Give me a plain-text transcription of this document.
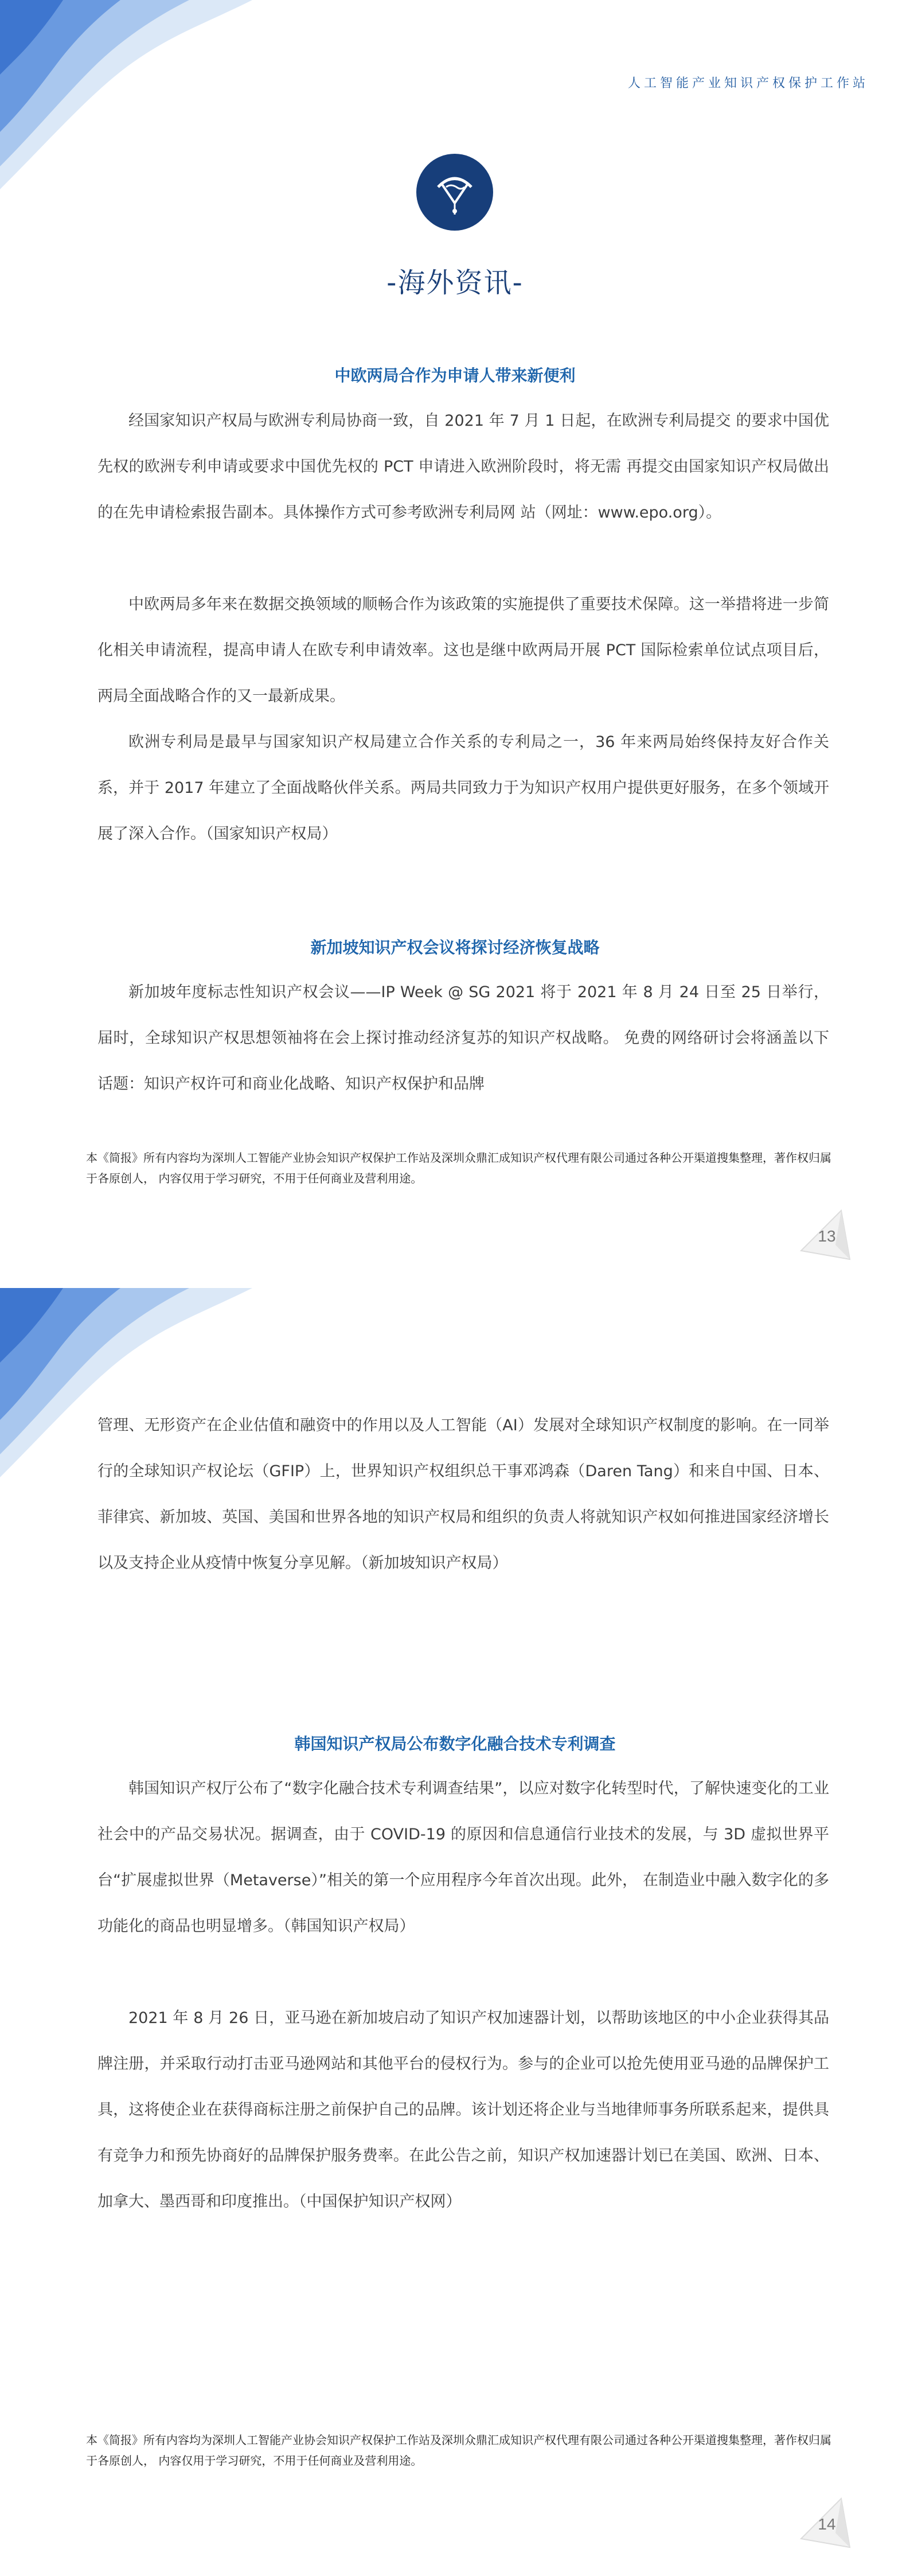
人工智能产业知识产权保护工作站
-海外资讯-
中欧两局合作为申请人带来新便利

经国家知识产权局与欧洲专利局协商一致，自 2021 年 7 月 1 日起，在欧洲专利局提交 的要求中国优先权的欧洲专利申请或要求中国优先权的 PCT 申请进入欧洲阶段时，将无需 再提交由国家知识产权局做出的在先申请检索报告副本。具体操作方式可参考欧洲专利局网 站（网址：www.epo.org）。

中欧两局多年来在数据交换领域的顺畅合作为该政策的实施提供了重要技术保障。这一举措将进一步简化相关申请流程，提高申请人在欧专利申请效率。这也是继中欧两局开展 PCT 国际检索单位试点项目后，两局全面战略合作的又一最新成果。

欧洲专利局是最早与国家知识产权局建立合作关系的专利局之一，36 年来两局始终保持友好合作关系，并于 2017 年建立了全面战略伙伴关系。两局共同致力于为知识产权用户提供更好服务，在多个领域开展了深入合作。（国家知识产权局）

新加坡知识产权会议将探讨经济恢复战略

新加坡年度标志性知识产权会议——IP Week @ SG 2021 将于 2021 年 8 月 24 日至 25 日举行，届时，全球知识产权思想领袖将在会上探讨推动经济复苏的知识产权战略。 免费的网络研讨会将涵盖以下话题：知识产权许可和商业化战略、知识产权保护和品牌

本《简报》所有内容均为深圳人工智能产业协会知识产权保护工作站及深圳众鼎汇成知识产权代理有限公司通过各种公开渠道搜集整理，著作权归属于各原创人， 内容仅用于学习研究，不用于任何商业及营利用途。

13

管理、无形资产在企业估值和融资中的作用以及人工智能（AI）发展对全球知识产权制度的影响。在一同举行的全球知识产权论坛（GFIP）上，世界知识产权组织总干事邓鸿森（Daren Tang）和来自中国、日本、菲律宾、新加坡、英国、美国和世界各地的知识产权局和组织的负责人将就知识产权如何推进国家经济增长以及支持企业从疫情中恢复分享见解。（新加坡知识产权局）

韩国知识产权局公布数字化融合技术专利调查

韩国知识产权厅公布了“数字化融合技术专利调查结果”，以应对数字化转型时代，了解快速变化的工业社会中的产品交易状况。据调查，由于 COVID-19 的原因和信息通信行业技术的发展，与 3D 虚拟世界平台“扩展虚拟世界（Metaverse）”相关的第一个应用程序今年首次出现。此外， 在制造业中融入数字化的多功能化的商品也明显增多。（韩国知识产权局）

2021 年 8 月 26 日，亚马逊在新加坡启动了知识产权加速器计划，以帮助该地区的中小企业获得其品牌注册，并采取行动打击亚马逊网站和其他平台的侵权行为。参与的企业可以抢先使用亚马逊的品牌保护工具，这将使企业在获得商标注册之前保护自己的品牌。该计划还将企业与当地律师事务所联系起来，提供具有竞争力和预先协商好的品牌保护服务费率。在此公告之前，知识产权加速器计划已在美国、欧洲、日本、加拿大、墨西哥和印度推出。（中国保护知识产权网）

本《简报》所有内容均为深圳人工智能产业协会知识产权保护工作站及深圳众鼎汇成知识产权代理有限公司通过各种公开渠道搜集整理，著作权归属于各原创人， 内容仅用于学习研究，不用于任何商业及营利用途。

14
